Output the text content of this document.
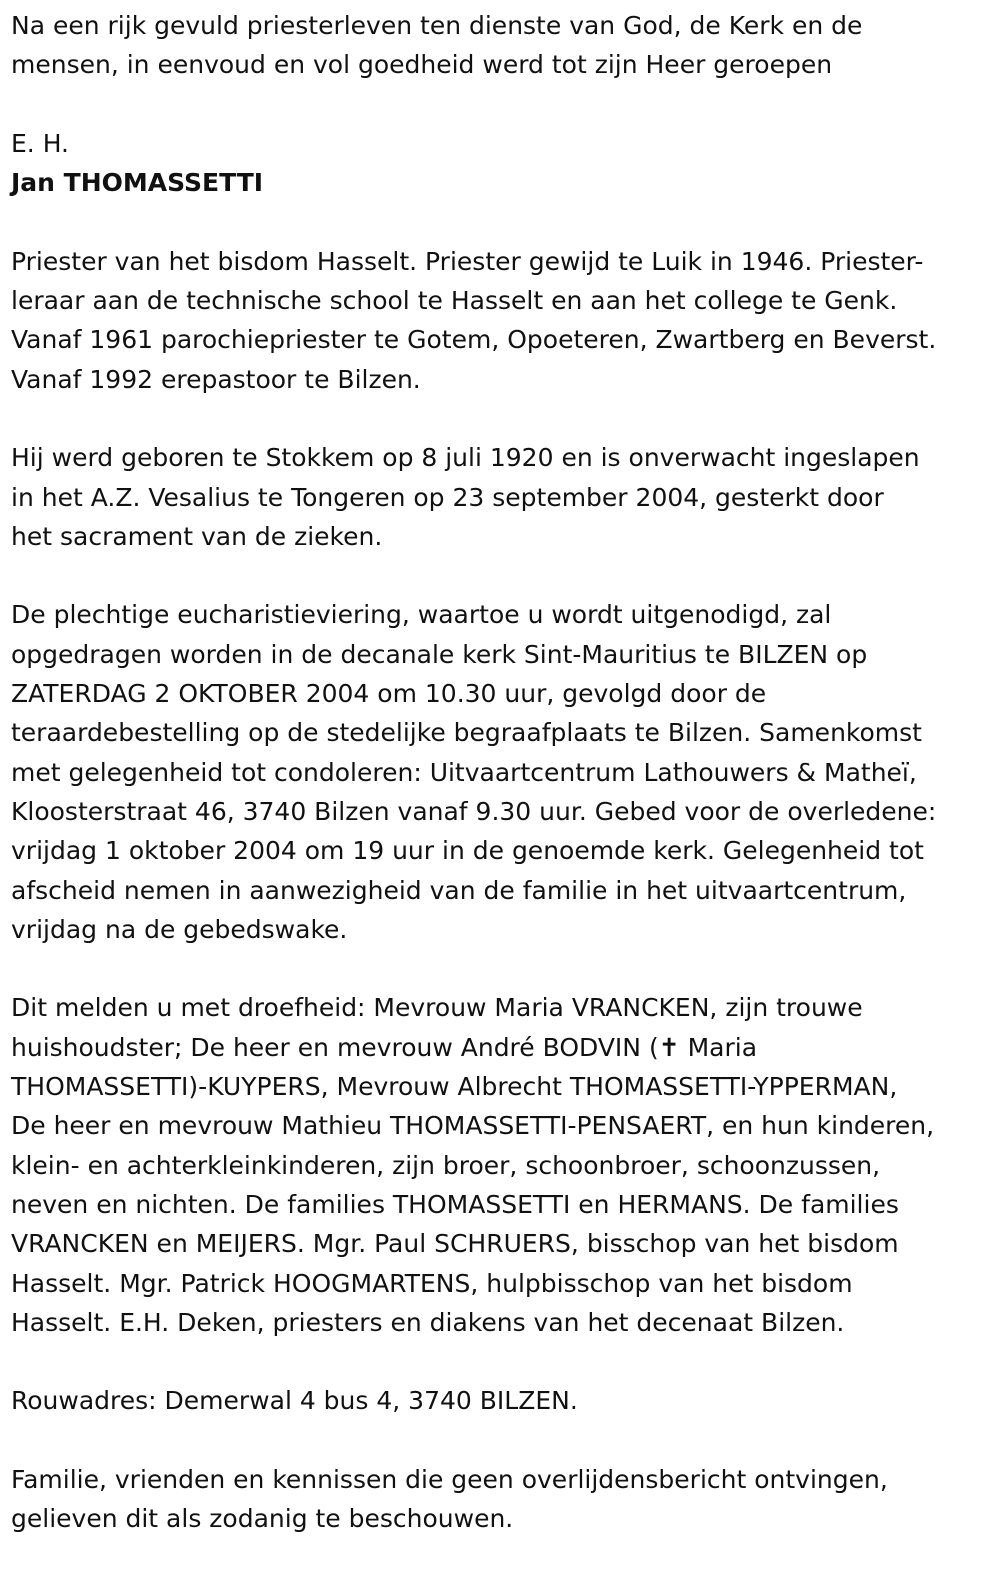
Na een rijk gevuld priesterleven ten dienste van God, de Kerk en de
mensen, in eenvoud en vol goedheid werd tot zijn Heer geroepen
E. H.
Jan THOMASSETTI
Priester van het bisdom Hasselt. Priester gewijd te Luik in 1946. Priester-
leraar aan de technische school te Hasselt en aan het college te Genk.
Vanaf 1961 parochiepriester te Gotem, Opoeteren, Zwartberg en Beverst.
Vanaf 1992 erepastoor te Bilzen.
Hij werd geboren te Stokkem op 8 juli 1920 en is onverwacht ingeslapen
in het A.Z. Vesalius te Tongeren op 23 september 2004, gesterkt door
het sacrament van de zieken.
De plechtige eucharistieviering, waartoe u wordt uitgenodigd, zal
opgedragen worden in de decanale kerk Sint-Mauritius te BILZEN op
ZATERDAG 2 OKTOBER 2004 om 10.30 uur, gevolgd door de
teraardebestelling op de stedelijke begraafplaats te Bilzen. Samenkomst
met gelegenheid tot condoleren: Uitvaartcentrum Lathouwers & Matheï,
Kloosterstraat 46, 3740 Bilzen vanaf 9.30 uur. Gebed voor de overledene:
vrijdag 1 oktober 2004 om 19 uur in de genoemde kerk. Gelegenheid tot
afscheid nemen in aanwezigheid van de familie in het uitvaartcentrum,
vrijdag na de gebedswake.
Dit melden u met droefheid: Mevrouw Maria VRANCKEN, zijn trouwe
huishoudster; De heer en mevrouw André BODVIN (✝ Maria
THOMASSETTI)-KUYPERS, Mevrouw Albrecht THOMASSETTI-YPPERMAN,
De heer en mevrouw Mathieu THOMASSETTI-PENSAERT, en hun kinderen,
klein- en achterkleinkinderen, zijn broer, schoonbroer, schoonzussen,
neven en nichten. De families THOMASSETTI en HERMANS. De families
VRANCKEN en MEIJERS. Mgr. Paul SCHRUERS, bisschop van het bisdom
Hasselt. Mgr. Patrick HOOGMARTENS, hulpbisschop van het bisdom
Hasselt. E.H. Deken, priesters en diakens van het decenaat Bilzen.
Rouwadres: Demerwal 4 bus 4, 3740 BILZEN.
Familie, vrienden en kennissen die geen overlijdensbericht ontvingen,
gelieven dit als zodanig te beschouwen.
